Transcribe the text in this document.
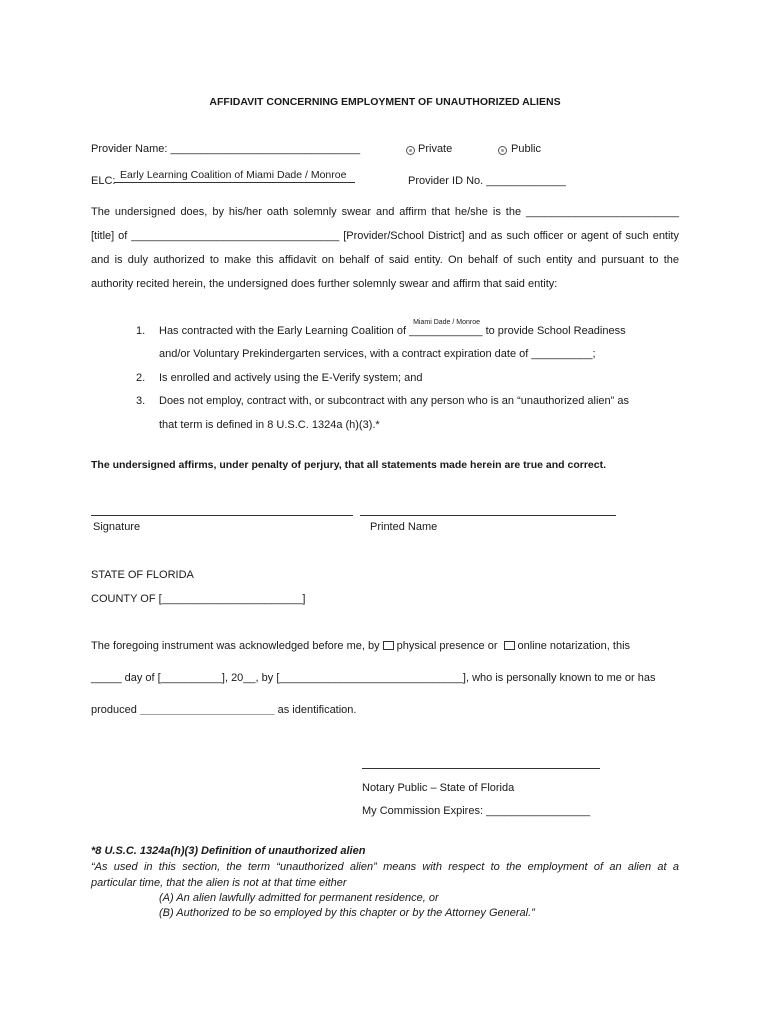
AFFIDAVIT CONCERNING EMPLOYMENT OF UNAUTHORIZED ALIENS
Provider Name: _______________________________	Private	Public
ELC: Early Learning Coalition of Miami Dade / Monroe	Provider ID No. _____________
The undersigned does, by his/her oath solemnly swear and affirm that he/she is the _________________________
[title] of __________________________________ [Provider/School District] and as such officer or agent of such entity
and is duly authorized to make this affidavit on behalf of said entity. On behalf of such entity and pursuant to the
authority recited herein, the undersigned does further solemnly swear and affirm that said entity:
1. Has contracted with the Early Learning Coalition of
Miami Dade / Monroe
____________ to provide School Readiness
and/or Voluntary Prekindergarten services, with a contract expiration date of __________;
2. Is enrolled and actively using the E-Verify system; and
3. Does not employ, contract with, or subcontract with any person who is an “unauthorized alien” as
that term is defined in 8 U.S.C. 1324a (h)(3).*
The undersigned affirms, under penalty of perjury, that all statements made herein are true and correct.
Signature	Printed Name
STATE OF FLORIDA
COUNTY OF [_______________________]
The foregoing instrument was acknowledged before me, by physical presence or online notarization, this
_____ day of [__________], 20__, by [______________________________], who is personally known to me or has
produced ______________________ as identification.
Notary Public – State of Florida
My Commission Expires: _________________
*8 U.S.C. 1324a(h)(3) Definition of unauthorized alien
“As used in this section, the term “unauthorized alien” means with respect to the employment of an alien at a
particular time, that the alien is not at that time either
(A) An alien lawfully admitted for permanent residence, or
(B) Authorized to be so employed by this chapter or by the Attorney General.”
